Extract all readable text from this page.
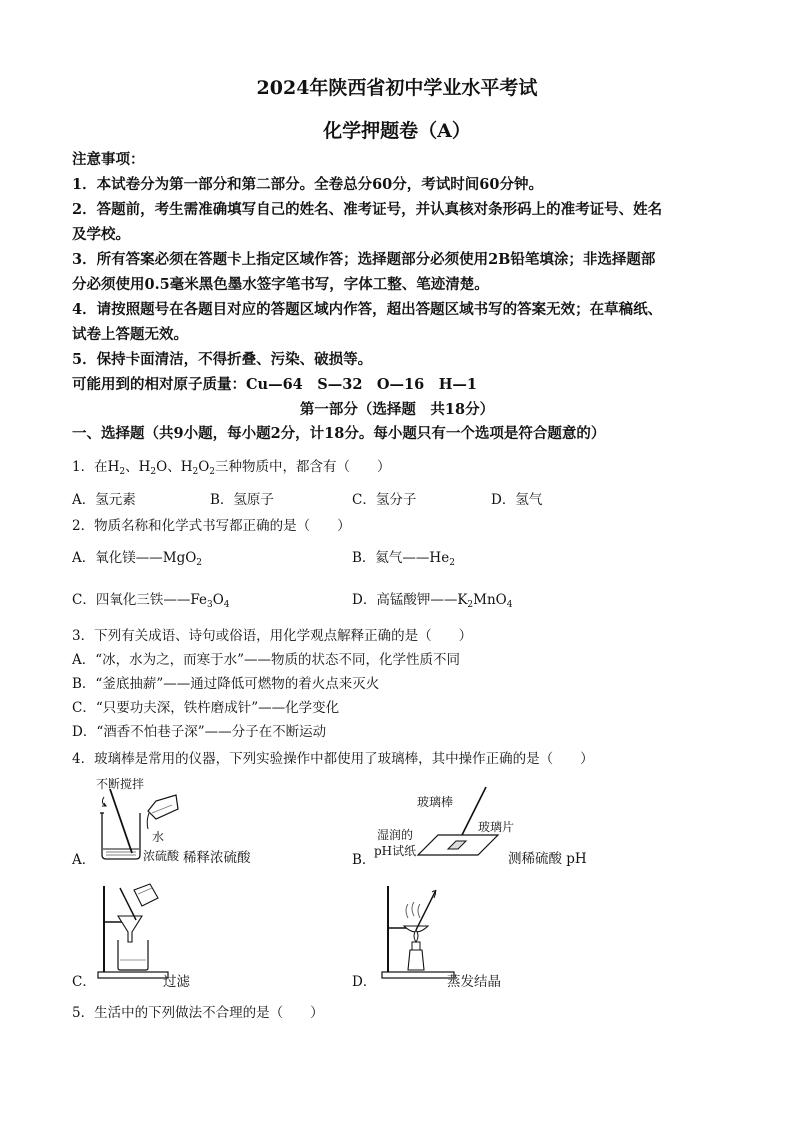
2024年陕西省初中学业水平考试
化学押题卷（A）
注意事项：
1．本试卷分为第一部分和第二部分。全卷总分60分，考试时间60分钟。
2．答题前，考生需准确填写自己的姓名、准考证号，并认真核对条形码上的准考证号、姓名
及学校。
3．所有答案必须在答题卡上指定区域作答；选择题部分必须使用2B铅笔填涂；非选择题部
分必须使用0.5毫米黑色墨水签字笔书写，字体工整、笔迹清楚。
4．请按照题号在各题目对应的答题区域内作答，超出答题区域书写的答案无效；在草稿纸、
试卷上答题无效。
5．保持卡面清洁，不得折叠、污染、破损等。
可能用到的相对原子质量：Cu—64　S—32　O—16　H—1
第一部分（选择题　共18分）
一、选择题（共9小题，每小题2分，计18分。每小题只有一个选项是符合题意的）
1．在$H_2$、$H_2O$、$H_2O_2$三种物质中，都含有（　　）
A．氢元素	B．氢原子	C．氢分子	D．氢气
2．物质名称和化学式书写都正确的是（　　）
A．氧化镁——MgO$_2$	B．氦气$——He_2$
C．四氧化三铁$——Fe_3O_4$	D．高锰酸钾$——K_2MnO_4$
3．下列有关成语、诗句或俗语，用化学观点解释正确的是（　　）
A．“冰，水为之，而寒于水”——物质的状态不同，化学性质不同
B．“釜底抽薪”——通过降低可燃物的着火点来灭火
C．“只要功夫深，铁杵磨成针”——化学变化
D．“酒香不怕巷子深”——分子在不断运动
4．玻璃棒是常用的仪器，下列实验操作中都使用了玻璃棒，其中操作正确的是（　　）
不断搅拌
水
A．	浓硫酸 稀释浓硫酸
玻璃棒
玻璃片
湿润的
pH试纸
B．	测稀硫酸 pH
C．	过滤	D．	蒸发结晶
5．生活中的下列做法不合理的是（　　）
